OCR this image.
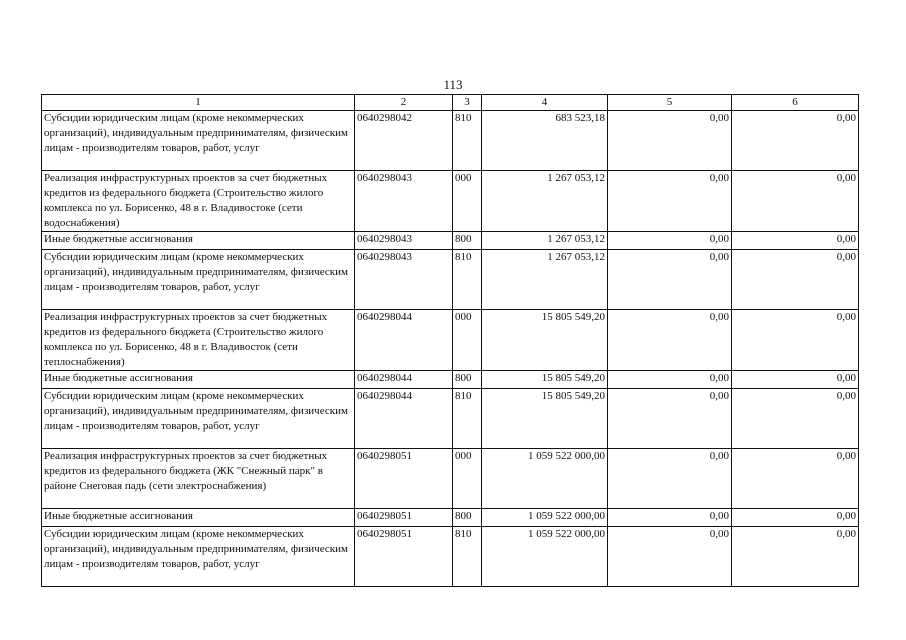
113
1	2	3	4	5	6
Субсидии юридическим лицам (кроме некоммерческих организаций), индивидуальным предпринимателям, физическим лицам - производителям товаров, работ, услуг	0640298042	810	683 523,18	0,00	0,00
Реализация инфраструктурных проектов за счет бюджетных кредитов из федерального бюджета (Строительство жилого комплекса по ул. Борисенко, 48 в г. Владивостоке (сети водоснабжения)	0640298043	000	1 267 053,12	0,00	0,00
Иные бюджетные ассигнования	0640298043	800	1 267 053,12	0,00	0,00
Субсидии юридическим лицам (кроме некоммерческих организаций), индивидуальным предпринимателям, физическим лицам - производителям товаров, работ, услуг	0640298043	810	1 267 053,12	0,00	0,00
Реализация инфраструктурных проектов за счет бюджетных кредитов из федерального бюджета (Строительство жилого комплекса по ул. Борисенко, 48 в г. Владивосток (сети теплоснабжения)	0640298044	000	15 805 549,20	0,00	0,00
Иные бюджетные ассигнования	0640298044	800	15 805 549,20	0,00	0,00
Субсидии юридическим лицам (кроме некоммерческих организаций), индивидуальным предпринимателям, физическим лицам - производителям товаров, работ, услуг	0640298044	810	15 805 549,20	0,00	0,00
Реализация инфраструктурных проектов за счет бюджетных кредитов из федерального бюджета (ЖК "Снежный парк" в районе Снеговая падь (сети электроснабжения)	0640298051	000	1 059 522 000,00	0,00	0,00
Иные бюджетные ассигнования	0640298051	800	1 059 522 000,00	0,00	0,00
Субсидии юридическим лицам (кроме некоммерческих организаций), индивидуальным предпринимателям, физическим лицам - производителям товаров, работ, услуг	0640298051	810	1 059 522 000,00	0,00	0,00
